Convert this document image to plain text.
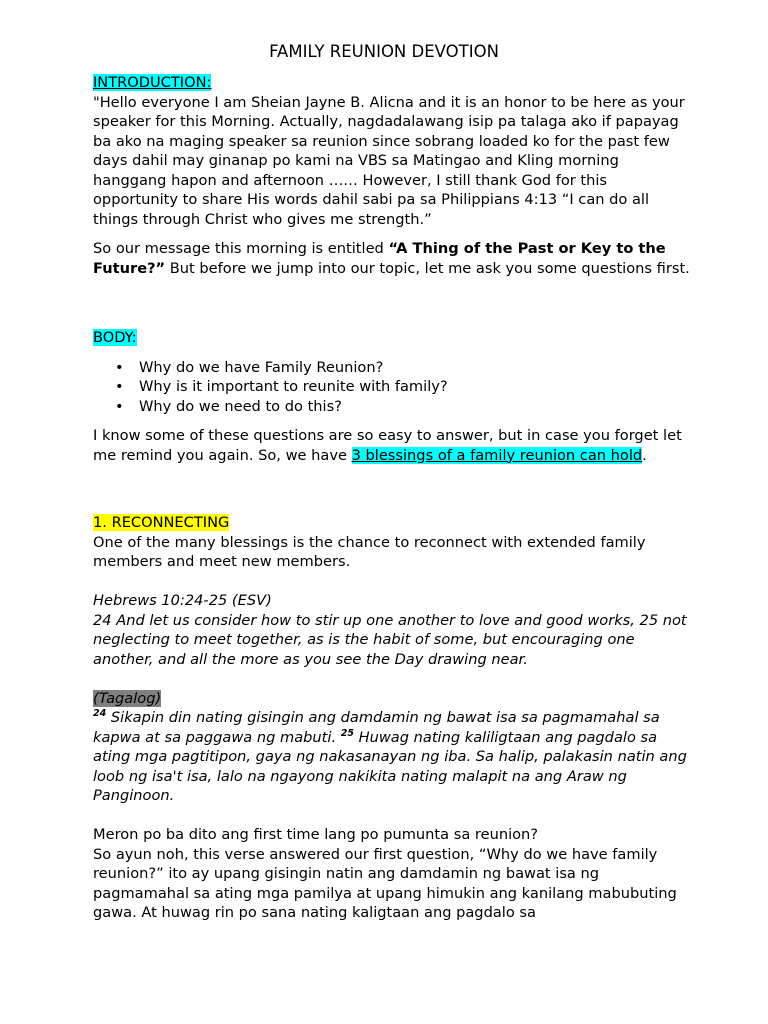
FAMILY REUNION DEVOTION

INTRODUCTION:

"Hello everyone I am Sheian Jayne B. Alicna and it is an honor to be here as your speaker for this Morning. Actually, nagdadalawang isip pa talaga ako if papayag ba ako na maging speaker sa reunion since sobrang loaded ko for the past few days dahil may ginanap po kami na VBS sa Matingao and Kling morning hanggang hapon and afternoon …… However, I still thank God for this opportunity to share His words dahil sabi pa sa Philippians 4:13 “I can do all things through Christ who gives me strength.”

So our message this morning is entitled “A Thing of the Past or Key to the Future?” But before we jump into our topic, let me ask you some questions first.

BODY:

• Why do we have Family Reunion?
• Why is it important to reunite with family?
• Why do we need to do this?

I know some of these questions are so easy to answer, but in case you forget let me remind you again. So, we have 3 blessings of a family reunion can hold.

1. RECONNECTING

One of the many blessings is the chance to reconnect with extended family members and meet new members.

Hebrews 10:24-25 (ESV)

24 And let us consider how to stir up one another to love and good works, 25 not neglecting to meet together, as is the habit of some, but encouraging one another, and all the more as you see the Day drawing near.

(Tagalog)

$^{24}$ Sikapin din nating gisingin ang damdamin ng bawat isa sa pagmamahal sa kapwa at sa paggawa ng mabuti. $^{25}$ Huwag nating kaliligtaan ang pagdalo sa ating mga pagtitipon, gaya ng nakasanayan ng iba. Sa halip, palakasin natin ang loob ng isa't isa, lalo na ngayong nakikita nating malapit na ang Araw ng Panginoon.

Meron po ba dito ang first time lang po pumunta sa reunion?

So ayun noh, this verse answered our first question, “Why do we have family reunion?” ito ay upang gisingin natin ang damdamin ng bawat isa ng pagmamahal sa ating mga pamilya at upang himukin ang kanilang mabubuting gawa. At huwag rin po sana nating kaligtaan ang pagdalo sa
